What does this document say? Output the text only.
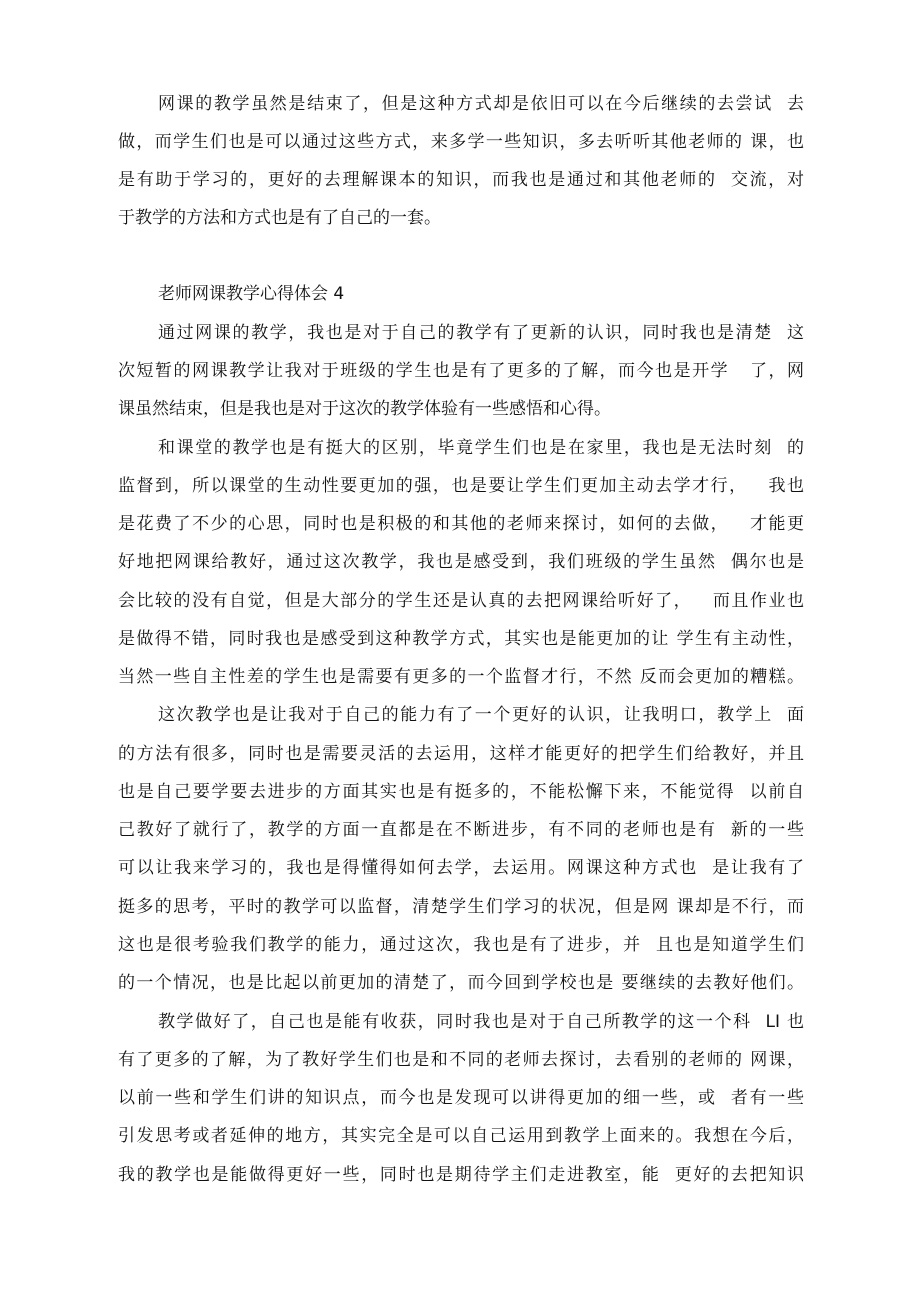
网课的教学虽然是结束了，但是这种方式却是依旧可以在今后继续的去尝试  去
做，而学生们也是可以通过这些方式，来多学一些知识，多去听听其他老师的 课，也
是有助于学习的，更好的去理解课本的知识，而我也是通过和其他老师的  交流，对
于教学的方法和方式也是有了自己的一套。
老师网课教学心得体会 4
通过网课的教学，我也是对于自己的教学有了更新的认识，同时我也是清楚  这
次短暂的网课教学让我对于班级的学生也是有了更多的了解，而今也是开学   了，网
课虽然结束，但是我也是对于这次的教学体验有一些感悟和心得。
和课堂的教学也是有挺大的区别，毕竟学生们也是在家里，我也是无法时刻  的
监督到，所以课堂的生动性要更加的强，也是要让学生们更加主动去学才行，   我也
是花费了不少的心思，同时也是积极的和其他的老师来探讨，如何的去做，   才能更
好地把网课给教好，通过这次教学，我也是感受到，我们班级的学生虽然  偶尔也是
会比较的没有自觉，但是大部分的学生还是认真的去把网课给听好了，   而且作业也
是做得不错，同时我也是感受到这种教学方式，其实也是能更加的让 学生有主动性，
当然一些自主性差的学生也是需要有更多的一个监督才行，不然 反而会更加的糟糕。
这次教学也是让我对于自己的能力有了一个更好的认识，让我明口，教学上  面
的方法有很多，同时也是需要灵活的去运用，这样才能更好的把学生们给教好，并且
也是自己要学要去进步的方面其实也是有挺多的，不能松懈下来，不能觉得  以前自
己教好了就行了，教学的方面一直都是在不断进步，有不同的老师也是有  新的一些
可以让我来学习的，我也是得懂得如何去学，去运用。网课这种方式也  是让我有了
挺多的思考，平时的教学可以监督，清楚学生们学习的状况，但是网 课却是不行，而
这也是很考验我们教学的能力，通过这次，我也是有了进步，并  且也是知道学生们
的一个情况，也是比起以前更加的清楚了，而今回到学校也是 要继续的去教好他们。
教学做好了，自己也是能有收获，同时我也是对于自己所教学的这一个科  LI 也
有了更多的了解，为了教好学生们也是和不同的老师去探讨，去看别的老师的 网课，
以前一些和学生们讲的知识点，而今也是发现可以讲得更加的细一些，或  者有一些
引发思考或者延伸的地方，其实完全是可以自己运用到教学上面来的。我想在今后，
我的教学也是能做得更好一些，同时也是期待学主们走进教室，能  更好的去把知识
